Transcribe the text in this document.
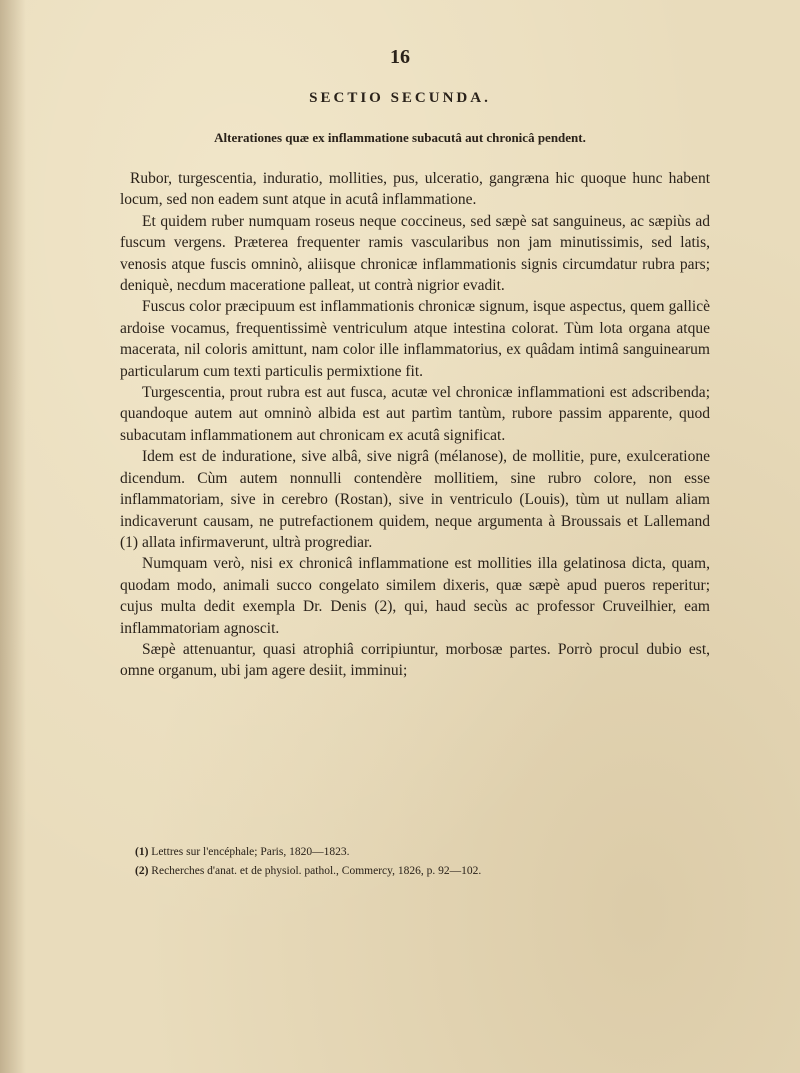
16
SECTIO SECUNDA.
Alterationes quæ ex inflammatione subacutâ aut chronicâ pendent.

Rubor, turgescentia, induratio, mollities, pus, ulceratio, gangræna hic quoque hunc habent locum, sed non eadem sunt atque in acutâ inflammatione.

Et quidem ruber numquam roseus neque coccineus, sed sæpè sat sanguineus, ac sæpiùs ad fuscum vergens. Præterea frequenter ramis vascularibus non jam minutissimis, sed latis, venosis atque fuscis omninò, aliisque chronicæ inflammationis signis circumdatur rubra pars; deniquè, necdum maceratione palleat, ut contrà nigrior evadit.

Fuscus color præcipuum est inflammationis chronicæ signum, isque aspectus, quem gallicè ardoise vocamus, frequentissimè ventriculum atque intestina colorat. Tùm lota organa atque macerata, nil coloris amittunt, nam color ille inflammatorius, ex quâdam intimâ sanguinearum particularum cum texti particulis permixtione fit.

Turgescentia, prout rubra est aut fusca, acutæ vel chronicæ inflammationi est adscribenda; quandoque autem aut omninò albida est aut partìm tantùm, rubore passim apparente, quod subacutam inflammationem aut chronicam ex acutâ significat.

Idem est de induratione, sive albâ, sive nigrâ (mélanose), de mollitie, pure, exulceratione dicendum. Cùm autem nonnulli contendère mollitiem, sine rubro colore, non esse inflammatoriam, sive in cerebro (Rostan), sive in ventriculo (Louis), tùm ut nullam aliam indicaverunt causam, ne putrefactionem quidem, neque argumenta à Broussais et Lallemand (1) allata infirmaverunt, ultrà progrediar.

Numquam verò, nisi ex chronicâ inflammatione est mollities illa gelatinosa dicta, quam, quodam modo, animali succo congelato similem dixeris, quæ sæpè apud pueros reperitur; cujus multa dedit exempla Dr. Denis (2), qui, haud secùs ac professor Cruveilhier, eam inflammatoriam agnoscit.

Sæpè attenuantur, quasi atrophiâ corripiuntur, morbosæ partes. Porrò procul dubio est, omne organum, ubi jam agere desiit, imminui;

(1) Lettres sur l'encéphale; Paris, 1820—1823.
(2) Recherches d'anat. et de physiol. pathol., Commercy, 1826, p. 92—102.
